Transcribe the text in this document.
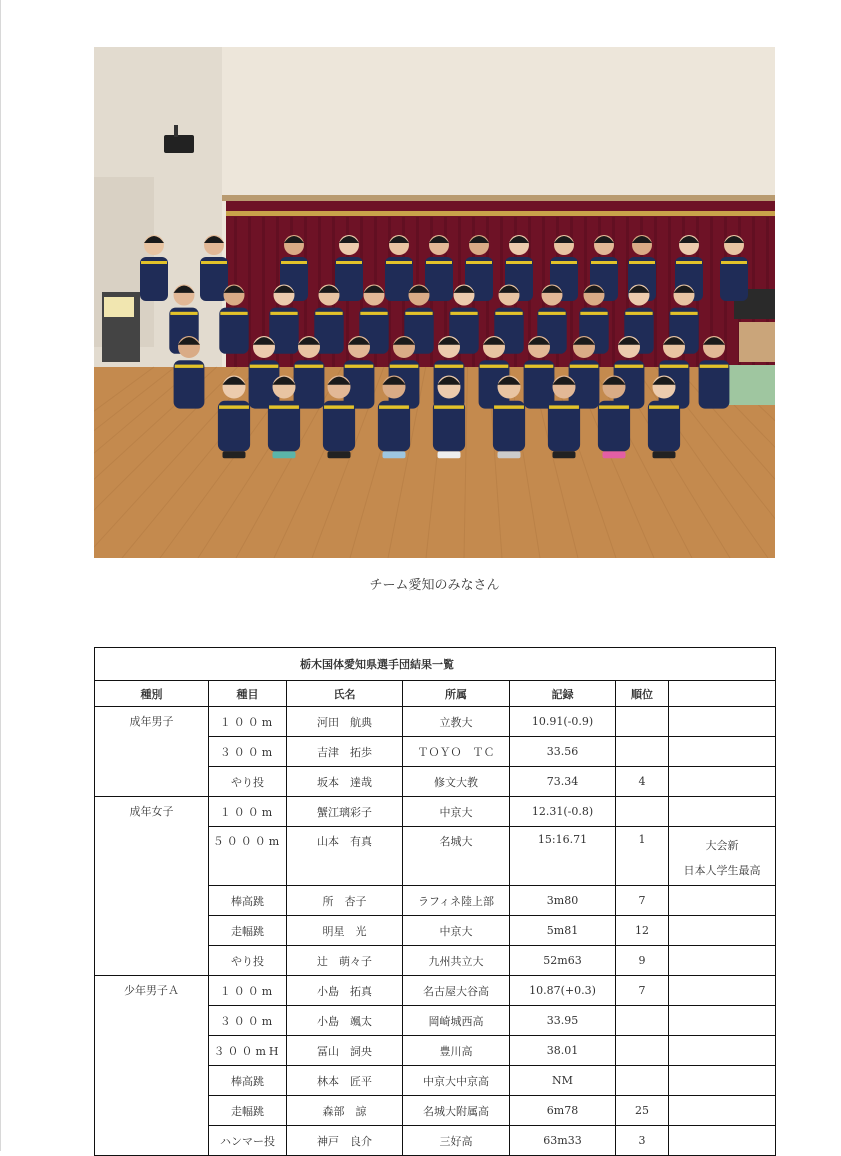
チーム愛知のみなさん
栃木国体愛知県選手団結果一覧						
種別	種目	氏名	所属	記録	順位	
成年男子	１００m	河田　航典	立教大	10.91(-0.9)		
	３００m	吉津　拓歩	ＴＯＹＯ　ＴＣ	33.56		
	やり投	坂本　達哉	修文大教	73.34	4	
成年女子	１００m	蟹江璃彩子	中京大	12.31(-0.8)		
	５０００m	山本　有真	名城大	15:16.71	1	大会新
日本人学生最高

	棒高跳	所　杏子	ラフィネ陸上部	3m80	7	
	走幅跳	明星　光	中京大	5m81	12	
	やり投	辻　萌々子	九州共立大	52m63	9	
少年男子Ａ	１００m	小島　拓真	名古屋大谷高	10.87(+0.3)	7	
	３００m	小島　颯太	岡崎城西高	33.95		
	３００mH	冨山　詞央	豊川高	38.01		
	棒高跳	林本　匠平	中京大中京高	NM		
	走幅跳	森部　諒	名城大附属高	6m78	25	
	ハンマー投	神戸　良介	三好高	63m33	3	
